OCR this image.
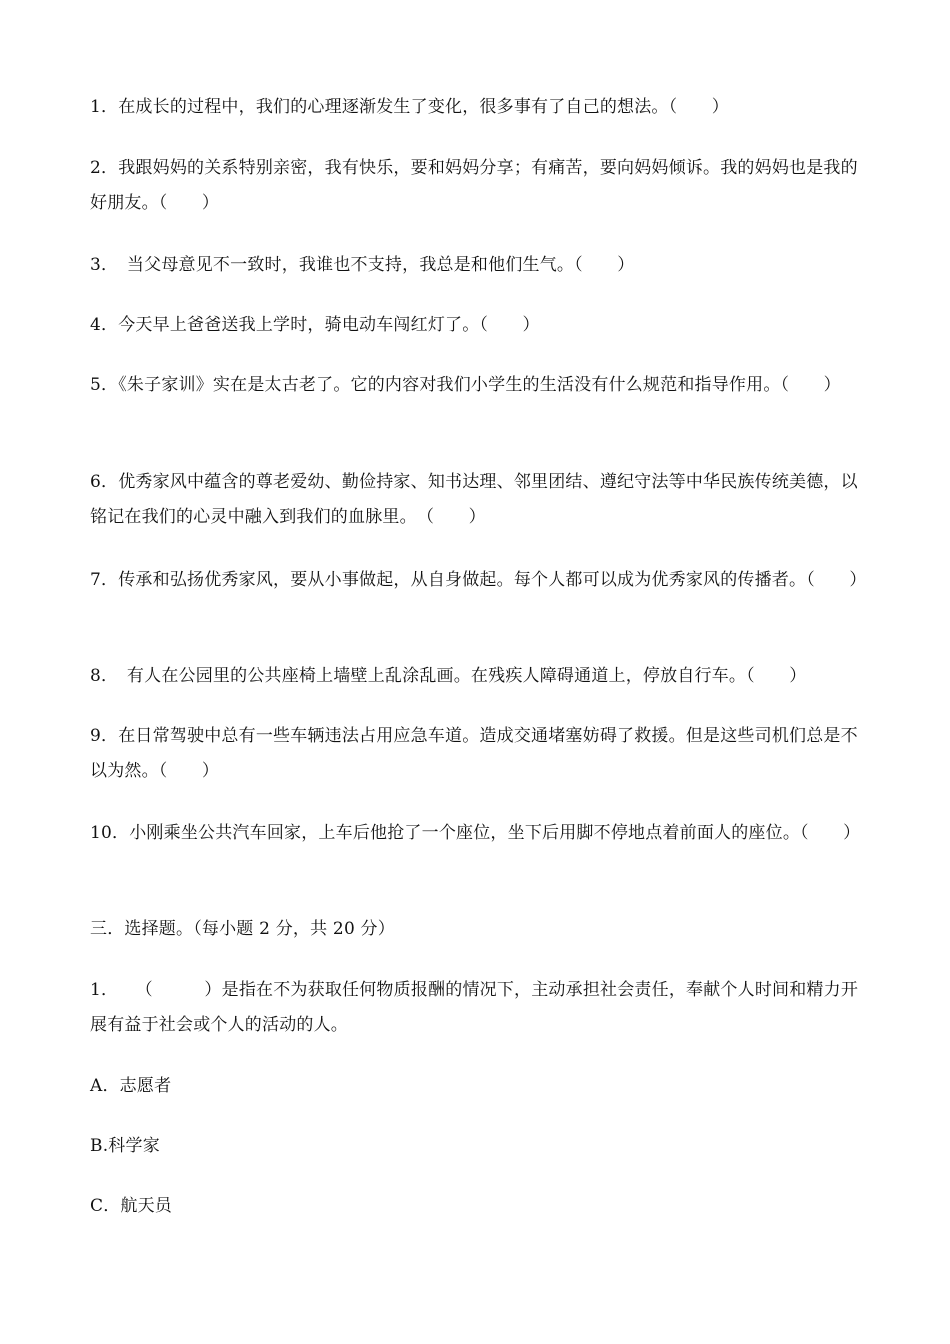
1．在成长的过程中，我们的心理逐渐发生了变化，很多事有了自己的想法。（　　）
2．我跟妈妈的关系特别亲密，我有快乐，要和妈妈分享；有痛苦，要向妈妈倾诉。我的妈妈也是我的好朋友。（　　）
3．　当父母意见不一致时，我谁也不支持，我总是和他们生气。（　　）
4．今天早上爸爸送我上学时，骑电动车闯红灯了。（　　）
5．《朱子家训》实在是太古老了。它的内容对我们小学生的生活没有什么规范和指导作用。（　　）
6．优秀家风中蕴含的尊老爱幼、勤俭持家、知书达理、邻里团结、遵纪守法等中华民族传统美德，以铭记在我们的心灵中融入到我们的血脉里。　（　　）
7．传承和弘扬优秀家风，要从小事做起，从自身做起。每个人都可以成为优秀家风的传播者。（　　）
8．　有人在公园里的公共座椅上墙壁上乱涂乱画。在残疾人障碍通道上，停放自行车。（　　）
9．在日常驾驶中总有一些车辆违法占用应急车道。造成交通堵塞妨碍了救援。但是这些司机们总是不以为然。（　　）
10．小刚乘坐公共汽车回家，上车后他抢了一个座位，坐下后用脚不停地点着前面人的座位。（　　）
三．选择题。（每小题 2 分，共 20 分）
1．　　（　　　）是指在不为获取任何物质报酬的情况下，主动承担社会责任，奉献个人时间和精力开展有益于社会或个人的活动的人。
A．志愿者
B.科学家
C．航天员
